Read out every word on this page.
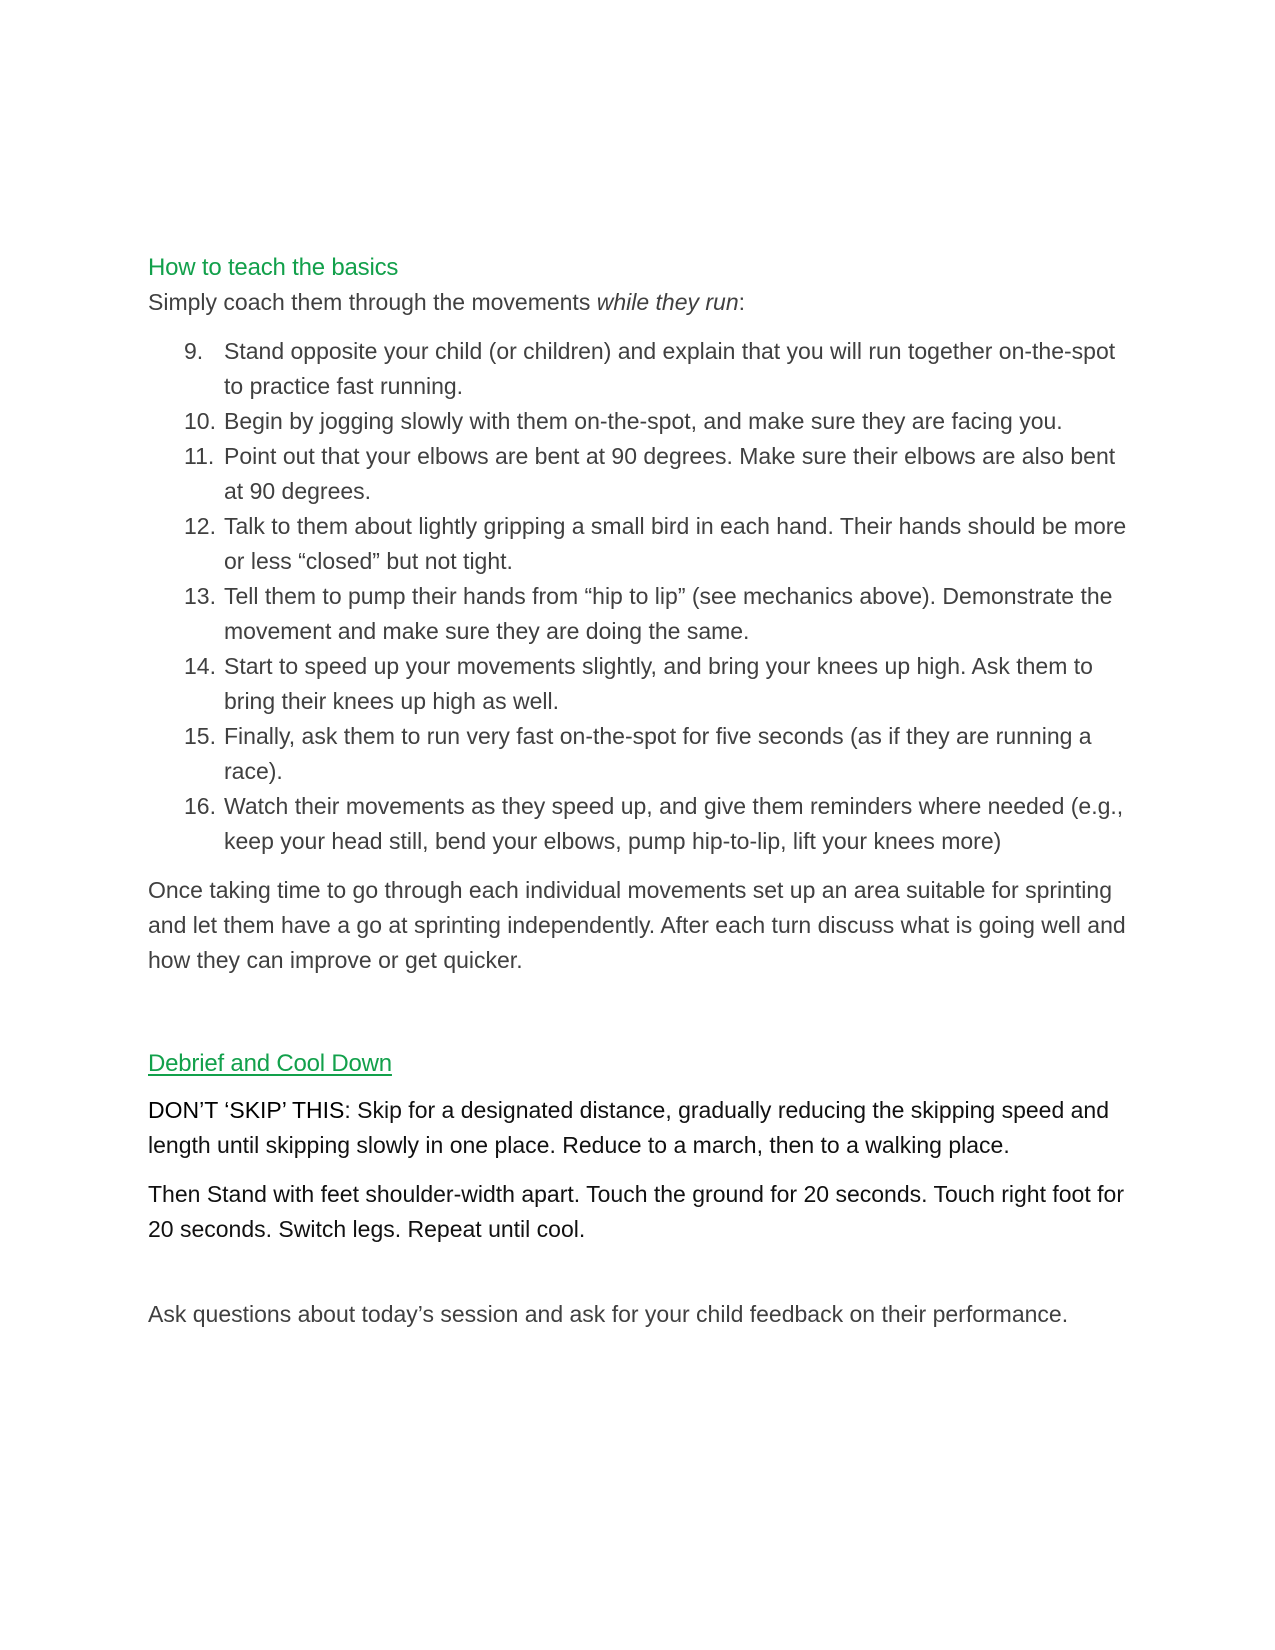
How to teach the basics

Simply coach them through the movements while they run:

9. Stand opposite your child (or children) and explain that you will run together on-the-spot to practice fast running.
10. Begin by jogging slowly with them on-the-spot, and make sure they are facing you.
11. Point out that your elbows are bent at 90 degrees. Make sure their elbows are also bent at 90 degrees.
12. Talk to them about lightly gripping a small bird in each hand. Their hands should be more or less “closed” but not tight.
13. Tell them to pump their hands from “hip to lip” (see mechanics above). Demonstrate the movement and make sure they are doing the same.
14. Start to speed up your movements slightly, and bring your knees up high. Ask them to bring their knees up high as well.
15. Finally, ask them to run very fast on-the-spot for five seconds (as if they are running a race).
16. Watch their movements as they speed up, and give them reminders where needed (e.g., keep your head still, bend your elbows, pump hip-to-lip, lift your knees more)

Once taking time to go through each individual movements set up an area suitable for sprinting and let them have a go at sprinting independently. After each turn discuss what is going well and how they can improve or get quicker.

Debrief and Cool Down

DON’T ‘SKIP’ THIS: Skip for a designated distance, gradually reducing the skipping speed and length until skipping slowly in one place. Reduce to a march, then to a walking place.

Then Stand with feet shoulder-width apart. Touch the ground for 20 seconds. Touch right foot for 20 seconds. Switch legs. Repeat until cool.

Ask questions about today’s session and ask for your child feedback on their performance.
